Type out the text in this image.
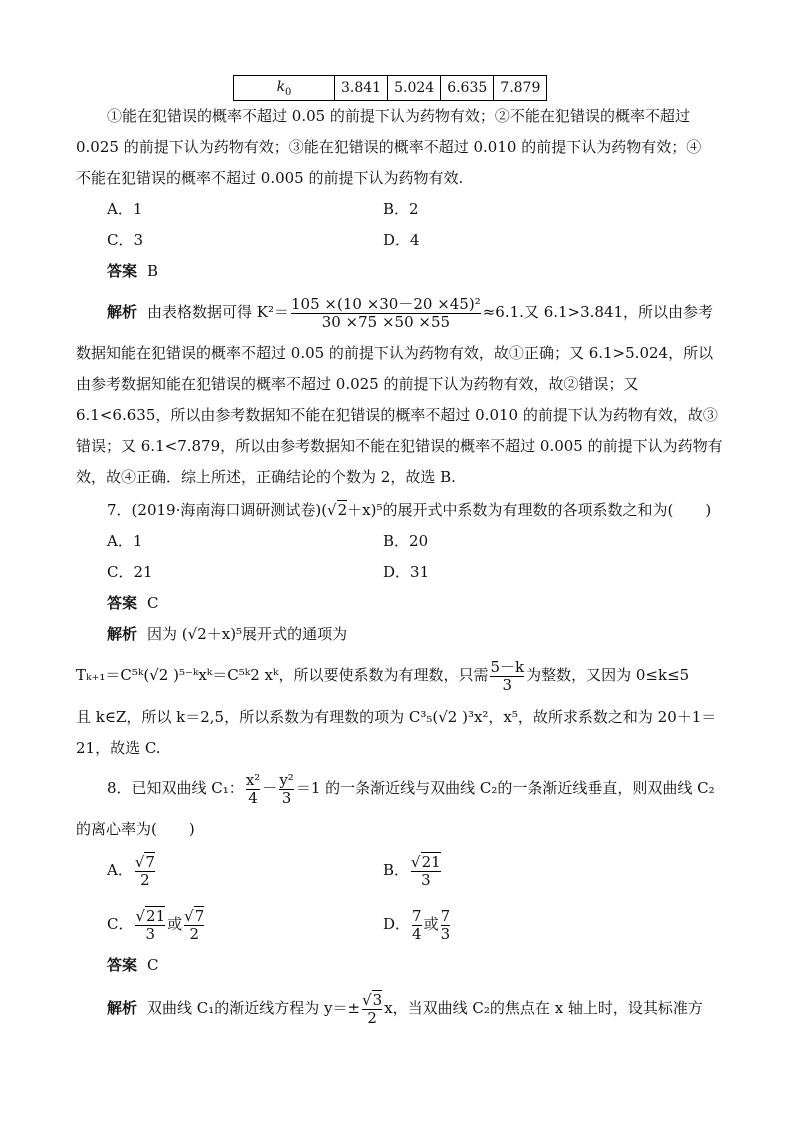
$k_0$	3.841	5.024	6.635	7.879
①能在犯错误的概率不超过 0.05 的前提下认为药物有效；②不能在犯错误的概率不超过
0.025 的前提下认为药物有效；③能在犯错误的概率不超过 0.010 的前提下认为药物有效；④
不能在犯错误的概率不超过 0.005 的前提下认为药物有效.
A．1	B．2
C．3	D．4
答案 B
解析 由表格数据可得 $K^2= \frac{\text{105 ×(10 ×30－20 ×45)²}}{30 \times 75 \times 50 \times 55} \approx 6.1$.又 6.1>3.841，所以由参考
数据知能在犯错误的概率不超过 0.05 的前提下认为药物有效，故①正确；又 6.1>5.024，所以
由参考数据知能在犯错误的概率不超过 0.025 的前提下认为药物有效，故②错误；又
6.1<6.635，所以由参考数据知不能在犯错误的概率不超过 0.010 的前提下认为药物有效，故③
错误；又 6.1<7.879，所以由参考数据知不能在犯错误的概率不超过 0.005 的前提下认为药物有
效，故④正确．综上所述，正确结论的个数为 2，故选 B.
7．(2019·海南海口调研测试卷)(√2＋x)⁵的展开式中系数为有理数的各项系数之和为( )
A．1	B．20
C．21	D．31
答案 C
解析 因为 (√2＋x)⁵展开式的通项为
Tₖ₊₁＝C⁵ᵏ(√2 )⁵⁻ᵏxᵏ＝C⁵ᵏ2 xᵏ，所以要使系数为有理数，只需 $\frac{5-k}{3}$ 为整数，又因为 0≤k≤5
且 k∈Z，所以 k＝2,5，所以系数为有理数的项为 C³₅(√2 )³x²，x⁵，故所求系数之和为 20＋1＝
21，故选 C.
8．已知双曲线 C₁： $\frac{\text{x²}}{4} - \frac{\text{y²}}{3} =1$ 的一条渐近线与双曲线 C₂的一条渐近线垂直，则双曲线 C₂
的离心率为( )
A． $\frac{√7}{2}$	B． $\frac{√21}{3}$
C． $\frac{√21}{3}$ 或 $\frac{√7}{2}$	D． $\frac{7}{4}$ 或 $\frac{7}{3}$
答案 C
解析 双曲线 C₁的渐近线方程为 $y=\pm \frac{√3}{2}$ x，当双曲线 C₂的焦点在 x 轴上时，设其标准方
